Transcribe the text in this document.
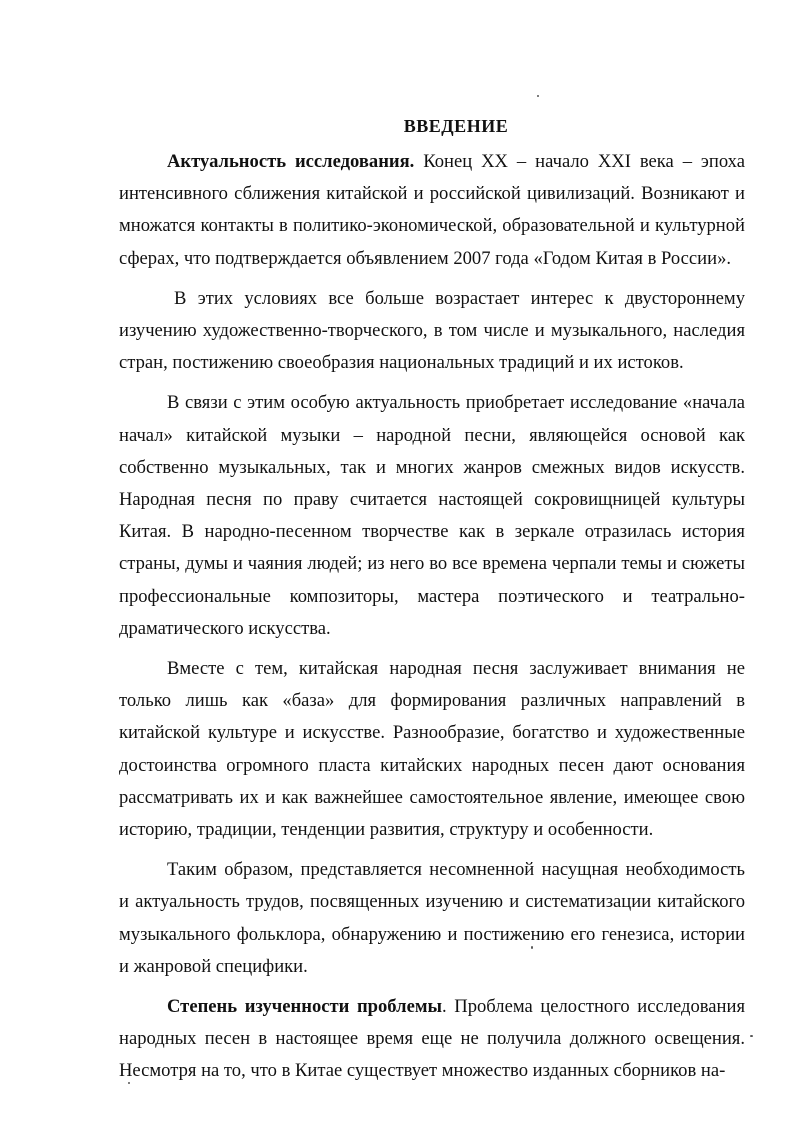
ВВЕДЕНИЕ

Актуальность исследования. Конец XX – начало XXI века – эпоха интенсивного сближения китайской и российской цивилизаций. Возникают и множатся контакты в политико-экономической, образовательной и культурной сферах, что подтверждается объявлением 2007 года «Годом Китая в России».

В этих условиях все больше возрастает интерес к двустороннему изучению художественно-творческого, в том числе и музыкального, наследия стран, постижению своеобразия национальных традиций и их истоков.

В связи с этим особую актуальность приобретает исследование «начала начал» китайской музыки – народной песни, являющейся основой как собственно музыкальных, так и многих жанров смежных видов искусств. Народная песня по праву считается настоящей сокровищницей культуры Китая. В народно-песенном творчестве как в зеркале отразилась история страны, думы и чаяния людей; из него во все времена черпали темы и сюжеты профессиональные композиторы, мастера поэтического и театрально-драматического искусства.

Вместе с тем, китайская народная песня заслуживает внимания не только лишь как «база» для формирования различных направлений в китайской культуре и искусстве. Разнообразие, богатство и художественные достоинства огромного пласта китайских народных песен дают основания рассматривать их и как важнейшее самостоятельное явление, имеющее свою историю, традиции, тенденции развития, структуру и особенности.

Таким образом, представляется несомненной насущная необходимость и актуальность трудов, посвященных изучению и систематизации китайского музыкального фольклора, обнаружению и постижению его генезиса, истории и жанровой специфики.

Степень изученности проблемы. Проблема целостного исследования народных песен в настоящее время еще не получила должного освещения. Несмотря на то, что в Китае существует множество изданных сборников на-
